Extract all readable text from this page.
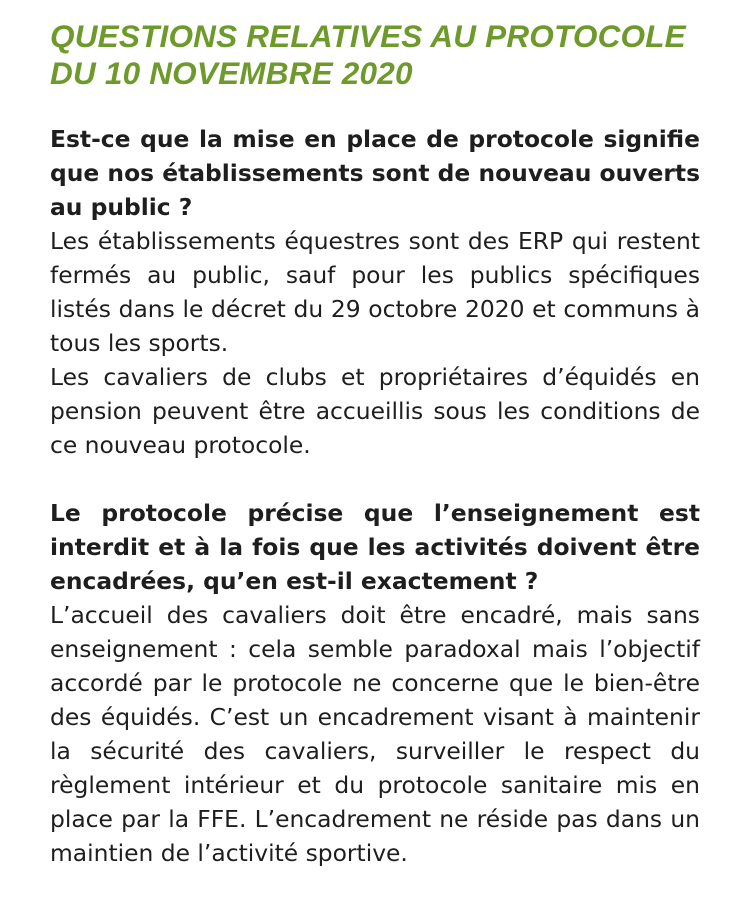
QUESTIONS RELATIVES AU PROTOCOLE
DU 10 NOVEMBRE 2020

Est-ce que la mise en place de protocole signifie que nos établissements sont de nouveau ouverts au public ?

Les établissements équestres sont des ERP qui restent fermés au public, sauf pour les publics spécifiques listés dans le décret du 29 octobre 2020 et communs à tous les sports.

Les cavaliers de clubs et propriétaires d’équidés en pension peuvent être accueillis sous les conditions de ce nouveau protocole.

Le protocole précise que l’enseignement est interdit et à la fois que les activités doivent être encadrées, qu’en est-il exactement ?

L’accueil des cavaliers doit être encadré, mais sans enseignement : cela semble paradoxal mais l’objectif accordé par le protocole ne concerne que le bien-être des équidés. C’est un encadrement visant à maintenir la sécurité des cavaliers, surveiller le respect du règlement intérieur et du protocole sanitaire mis en place par la FFE. L’encadrement ne réside pas dans un maintien de l’activité sportive.
